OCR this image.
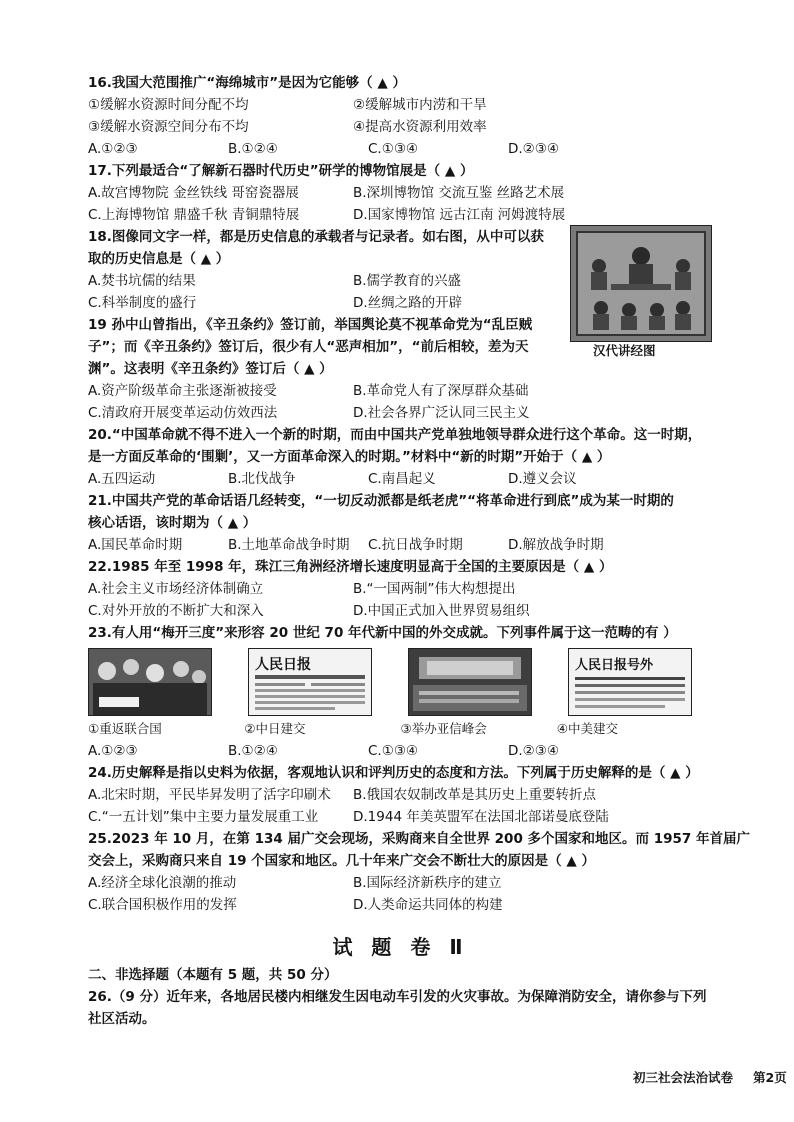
16.我国大范围推广“海绵城市”是因为它能够（ ▲ ）
①缓解水资源时间分配不均	②缓解城市内涝和干旱
③缓解水资源空间分布不均	④提高水资源利用效率
A.①②③	B.①②④	C.①③④	D.②③④
17.下列最适合“了解新石器时代历史”研学的博物馆展是（ ▲ ）
A.故宫博物院 金丝铁线 哥窑瓷器展	B.深圳博物馆 交流互鉴 丝路艺术展
C.上海博物馆 鼎盛千秋 青铜鼎特展	D.国家博物馆 远古江南 河姆渡特展
18.图像同文字一样，都是历史信息的承载者与记录者。如右图，从中可以获
取的历史信息是（ ▲ ）
A.焚书坑儒的结果	B.儒学教育的兴盛
C.科举制度的盛行	D.丝绸之路的开辟
19 孙中山曾指出，《辛丑条约》签订前，举国舆论莫不视革命党为“乱臣贼
子”；而《辛丑条约》签订后，很少有人“恶声相加”，“前后相较，差为天
渊”。这表明《辛丑条约》签订后（ ▲ ）
A.资产阶级革命主张逐渐被接受	B.革命党人有了深厚群众基础
C.清政府开展变革运动仿效西法	D.社会各界广泛认同三民主义
20.“中国革命就不得不进入一个新的时期，而由中国共产党单独地领导群众进行这个革命。这一时期，
是一方面反革命的‘围剿’，又一方面革命深入的时期。”材料中“新的时期”开始于（ ▲ ）
A.五四运动	B.北伐战争	C.南昌起义	D.遵义会议
21.中国共产党的革命话语几经转变，“一切反动派都是纸老虎”“将革命进行到底”成为某一时期的
核心话语，该时期为（ ▲ ）
A.国民革命时期	B.土地革命战争时期	C.抗日战争时期	D.解放战争时期
22.1985 年至 1998 年，珠江三角洲经济增长速度明显高于全国的主要原因是（ ▲ ）
A.社会主义市场经济体制确立	B.“一国两制”伟大构想提出
C.对外开放的不断扩大和深入	D.中国正式加入世界贸易组织
23.有人用“梅开三度”来形容 20 世纪 70 年代新中国的外交成就。下列事件属于这一范畴的有 ）
人民日报	人民日报号外
①重返联合国	②中日建交	③举办亚信峰会	④中美建交
A.①②③	B.①②④	C.①③④	D.②③④
24.历史解释是指以史料为依据，客观地认识和评判历史的态度和方法。下列属于历史解释的是（ ▲ ）
A.北宋时期，平民毕昇发明了活字印刷术	B.俄国农奴制改革是其历史上重要转折点
C.“一五计划”集中主要力量发展重工业	D.1944 年美英盟军在法国北部诺曼底登陆
25.2023 年 10 月，在第 134 届广交会现场，采购商来自全世界 200 多个国家和地区。而 1957 年首届广
交会上，采购商只来自 19 个国家和地区。几十年来广交会不断壮大的原因是（ ▲ ）
A.经济全球化浪潮的推动	B.国际经济新秩序的建立
C.联合国积极作用的发挥	D.人类命运共同体的构建
试 题 卷 Ⅱ
二、非选择题（本题有 5 题，共 50 分）
26.（9 分）近年来，各地居民楼内相继发生因电动车引发的火灾事故。为保障消防安全，请你参与下列
社区活动。
汉代讲经图
初三社会法治试卷 第2页
